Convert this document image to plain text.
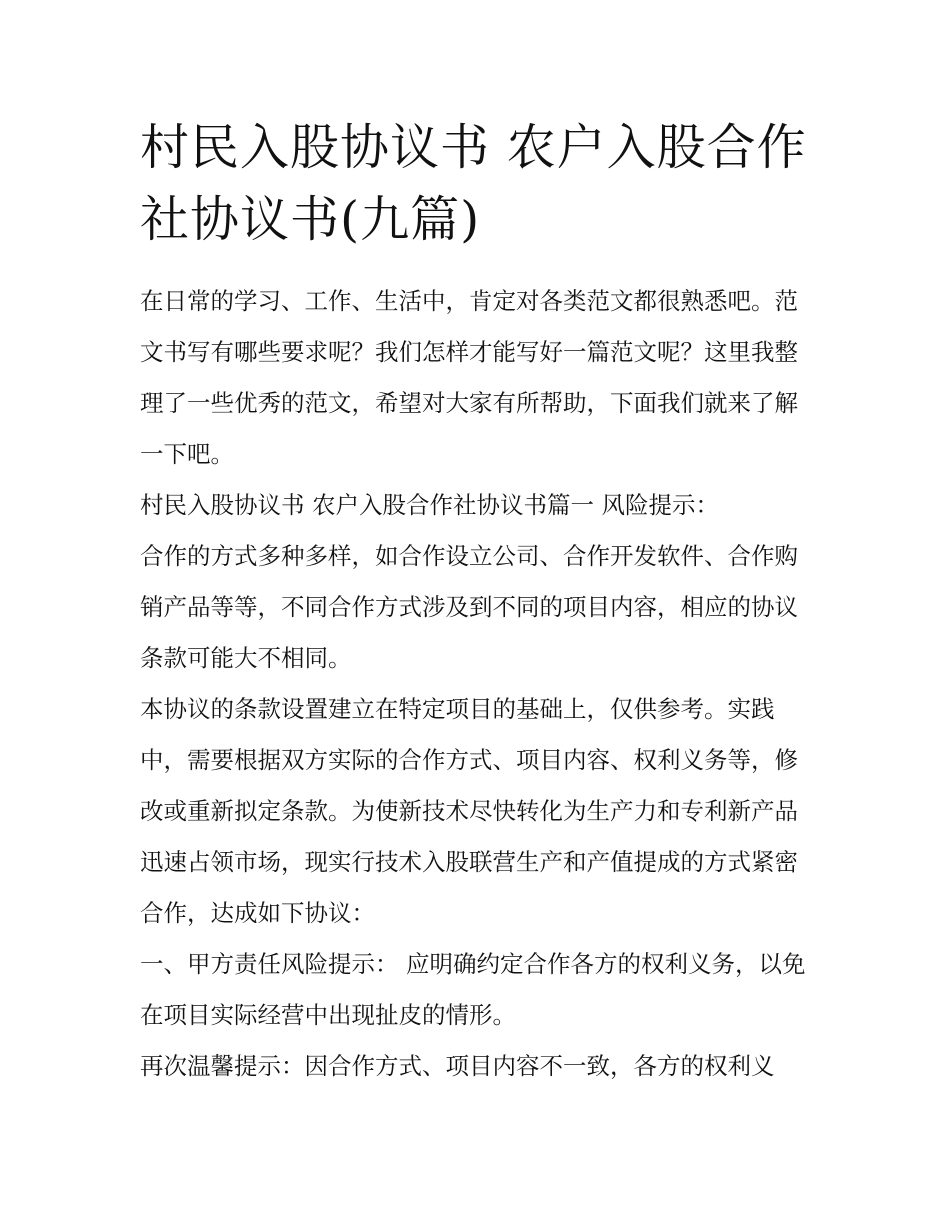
村民入股协议书 农户入股合作社协议书(九篇)

在日常的学习、工作、生活中，肯定对各类范文都很熟悉吧。范文书写有哪些要求呢？我们怎样才能写好一篇范文呢？这里我整理了一些优秀的范文，希望对大家有所帮助，下面我们就来了解一下吧。

村民入股协议书 农户入股合作社协议书篇一 风险提示：

合作的方式多种多样，如合作设立公司、合作开发软件、合作购销产品等等，不同合作方式涉及到不同的项目内容，相应的协议条款可能大不相同。

本协议的条款设置建立在特定项目的基础上，仅供参考。实践中，需要根据双方实际的合作方式、项目内容、权利义务等，修改或重新拟定条款。为使新技术尽快转化为生产力和专利新产品迅速占领市场，现实行技术入股联营生产和产值提成的方式紧密合作，达成如下协议：

一、甲方责任风险提示： 应明确约定合作各方的权利义务，以免在项目实际经营中出现扯皮的情形。

再次温馨提示：因合作方式、项目内容不一致，各方的权利义
